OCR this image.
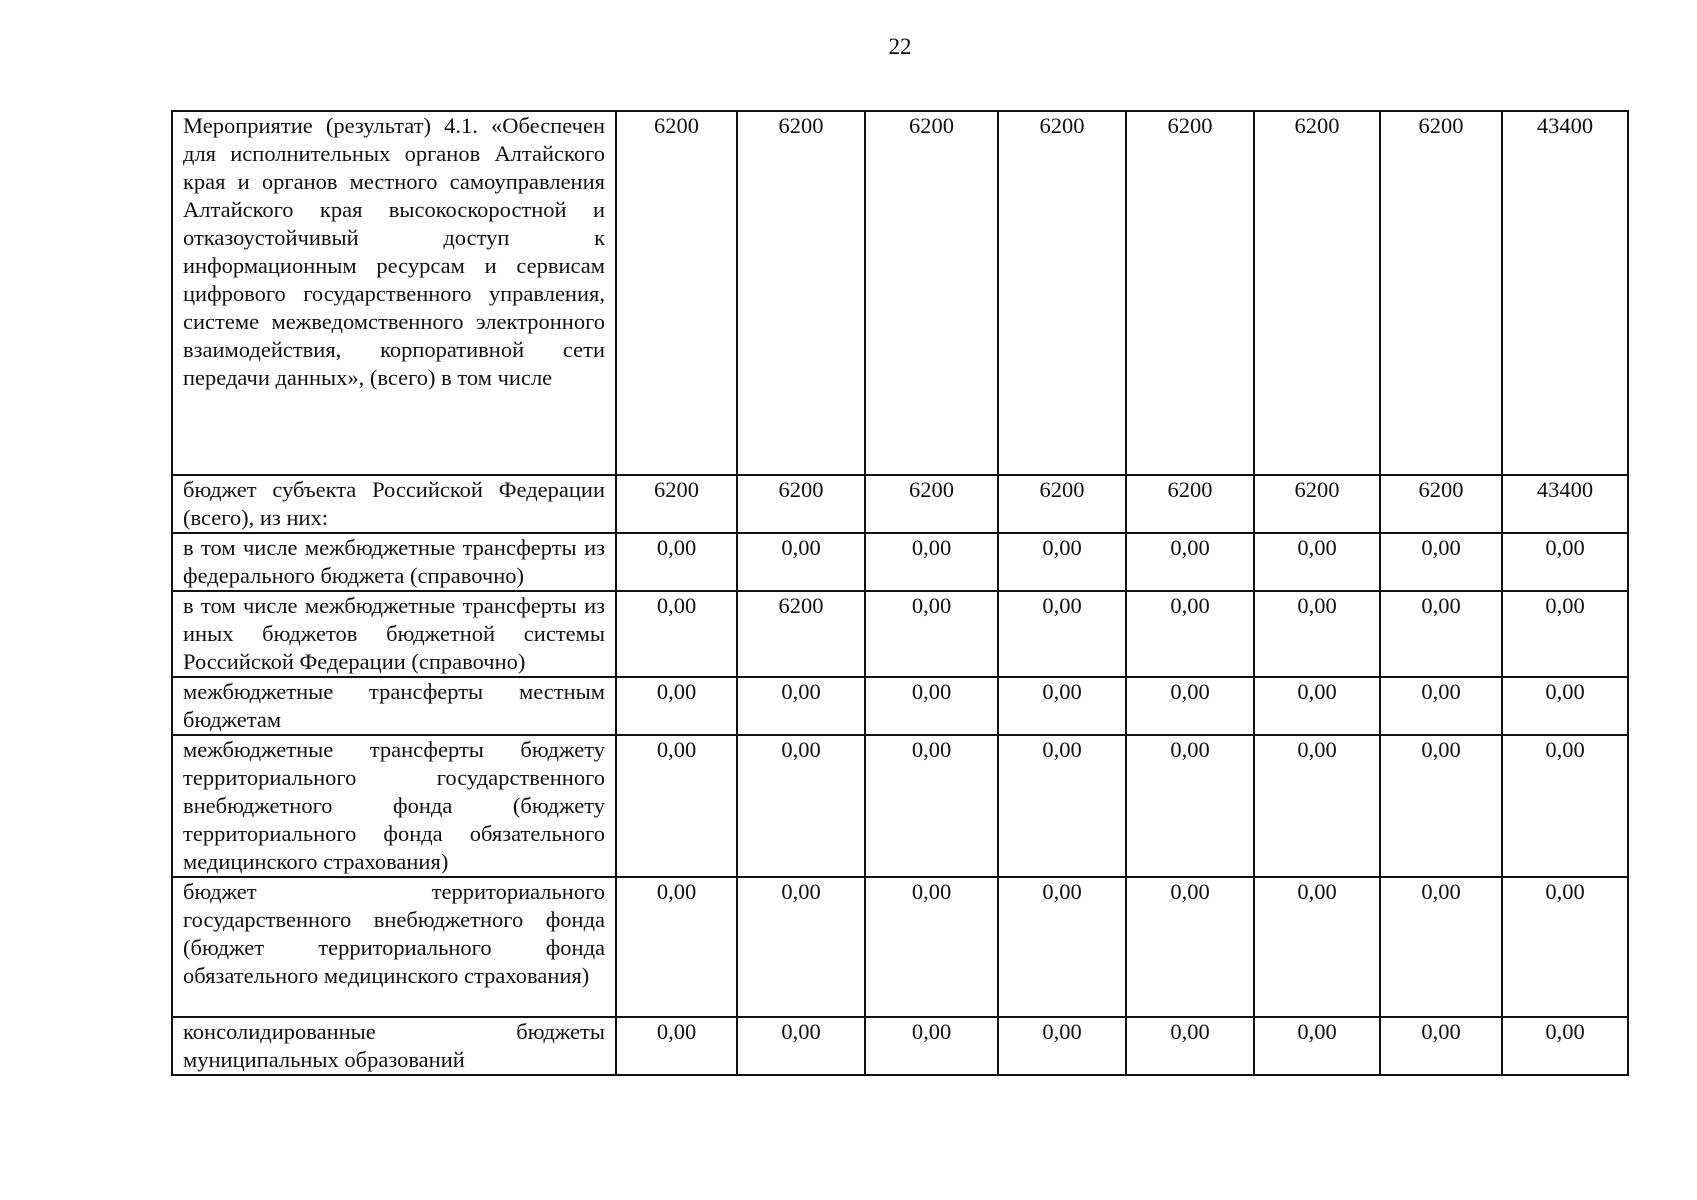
22
Мероприятие (результат) 4.1. «Обеспечен для исполнительных органов Алтайского края и органов местного самоуправления Алтайского края высокоскоростной и отказоустойчивый доступ к информационным ресурсам и сервисам цифрового государственного управления, системе межведомственного электронного взаимодействия, корпоративной сети передачи данных», (всего) в том числе	6200	6200	6200	6200	6200	6200	6200	43400
бюджет субъекта Российской Федерации (всего), из них:	6200	6200	6200	6200	6200	6200	6200	43400
в том числе межбюджетные трансферты из федерального бюджета (справочно)	0,00	0,00	0,00	0,00	0,00	0,00	0,00	0,00
в том числе межбюджетные трансферты из иных бюджетов бюджетной системы Российской Федерации (справочно)	0,00	6200	0,00	0,00	0,00	0,00	0,00	0,00
межбюджетные трансферты местным бюджетам	0,00	0,00	0,00	0,00	0,00	0,00	0,00	0,00
межбюджетные трансферты бюджету территориального государственного внебюджетного фонда (бюджету территориального фонда обязательного медицинского страхования)	0,00	0,00	0,00	0,00	0,00	0,00	0,00	0,00
бюджет территориального государственного внебюджетного фонда (бюджет территориального фонда обязательного медицинского страхования)	0,00	0,00	0,00	0,00	0,00	0,00	0,00	0,00
консолидированные бюджеты муниципальных образований	0,00	0,00	0,00	0,00	0,00	0,00	0,00	0,00
